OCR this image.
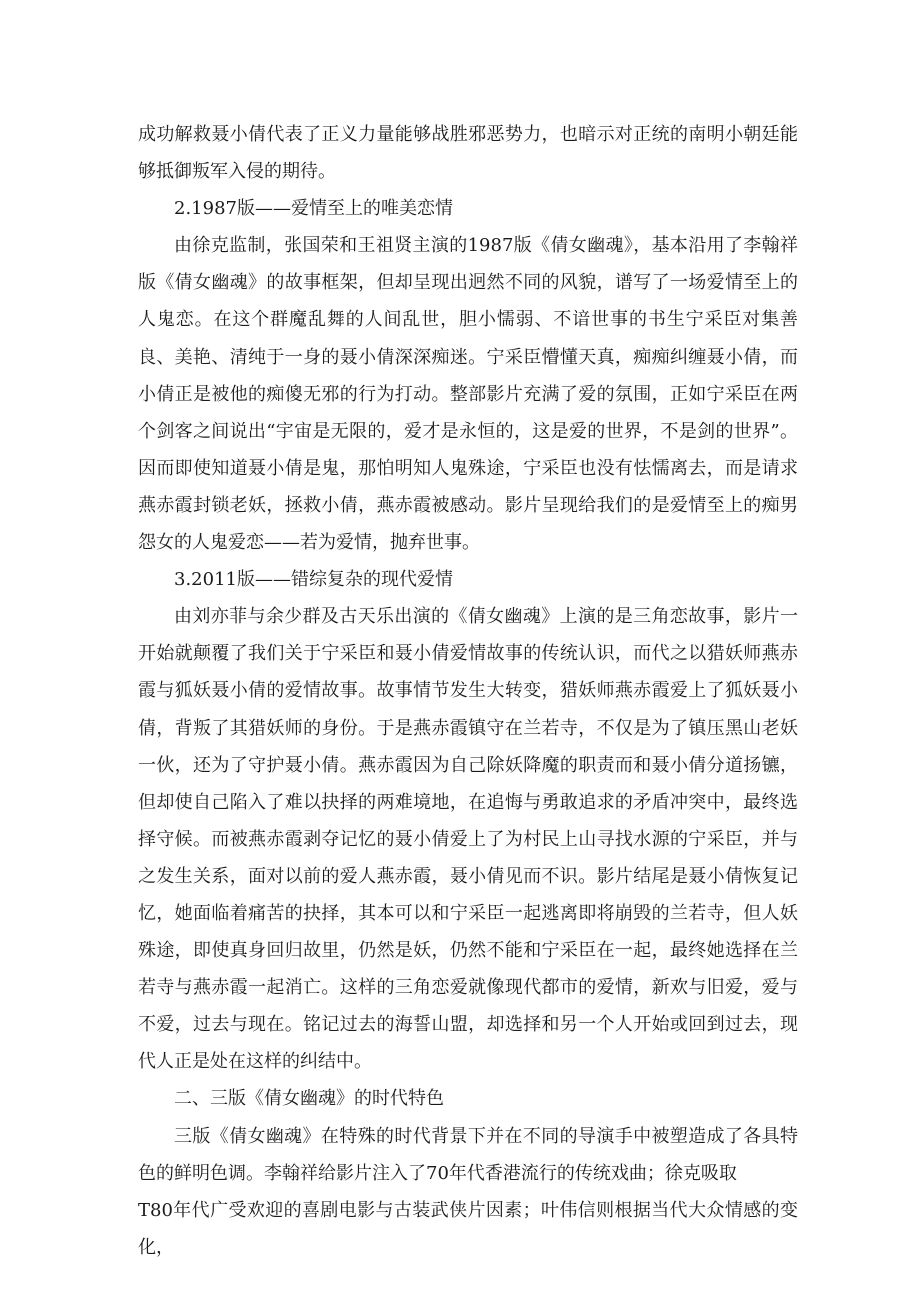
成功解救聂小倩代表了正义力量能够战胜邪恶势力，也暗示对正统的南明小朝廷能够抵御叛军入侵的期待。

2.1987版——爱情至上的唯美恋情

由徐克监制，张国荣和王祖贤主演的1987版《倩女幽魂》，基本沿用了李翰祥版《倩女幽魂》的故事框架，但却呈现出迥然不同的风貌，谱写了一场爱情至上的人鬼恋。在这个群魔乱舞的人间乱世，胆小懦弱、不谙世事的书生宁采臣对集善良、美艳、清纯于一身的聂小倩深深痴迷。宁采臣懵懂天真，痴痴纠缠聂小倩，而小倩正是被他的痴傻无邪的行为打动。整部影片充满了爱的氛围，正如宁采臣在两个剑客之间说出“宇宙是无限的，爱才是永恒的，这是爱的世界，不是剑的世界”。因而即使知道聂小倩是鬼，那怕明知人鬼殊途，宁采臣也没有怯懦离去，而是请求燕赤霞封锁老妖，拯救小倩，燕赤霞被感动。影片呈现给我们的是爱情至上的痴男怨女的人鬼爱恋——若为爱情，抛弃世事。

3.2011版——错综复杂的现代爱情

由刘亦菲与余少群及古天乐出演的《倩女幽魂》上演的是三角恋故事，影片一开始就颠覆了我们关于宁采臣和聂小倩爱情故事的传统认识，而代之以猎妖师燕赤霞与狐妖聂小倩的爱情故事。故事情节发生大转变，猎妖师燕赤霞爱上了狐妖聂小倩，背叛了其猎妖师的身份。于是燕赤霞镇守在兰若寺，不仅是为了镇压黑山老妖一伙，还为了守护聂小倩。燕赤霞因为自己除妖降魔的职责而和聂小倩分道扬镳，但却使自己陷入了难以抉择的两难境地，在追悔与勇敢追求的矛盾冲突中，最终选择守候。而被燕赤霞剥夺记忆的聂小倩爱上了为村民上山寻找水源的宁采臣，并与之发生关系，面对以前的爱人燕赤霞，聂小倩见而不识。影片结尾是聂小倩恢复记忆，她面临着痛苦的抉择，其本可以和宁采臣一起逃离即将崩毁的兰若寺，但人妖殊途，即使真身回归故里，仍然是妖，仍然不能和宁采臣在一起，最终她选择在兰若寺与燕赤霞一起消亡。这样的三角恋爱就像现代都市的爱情，新欢与旧爱，爱与不爱，过去与现在。铭记过去的海誓山盟，却选择和另一个人开始或回到过去，现代人正是处在这样的纠结中。

二、三版《倩女幽魂》的时代特色

三版《倩女幽魂》在特殊的时代背景下并在不同的导演手中被塑造成了各具特色的鲜明色调。李翰祥给影片注入了70年代香港流行的传统戏曲；徐克吸取

T80年代广受欢迎的喜剧电影与古装武侠片因素；叶伟信则根据当代大众情感的变化，
